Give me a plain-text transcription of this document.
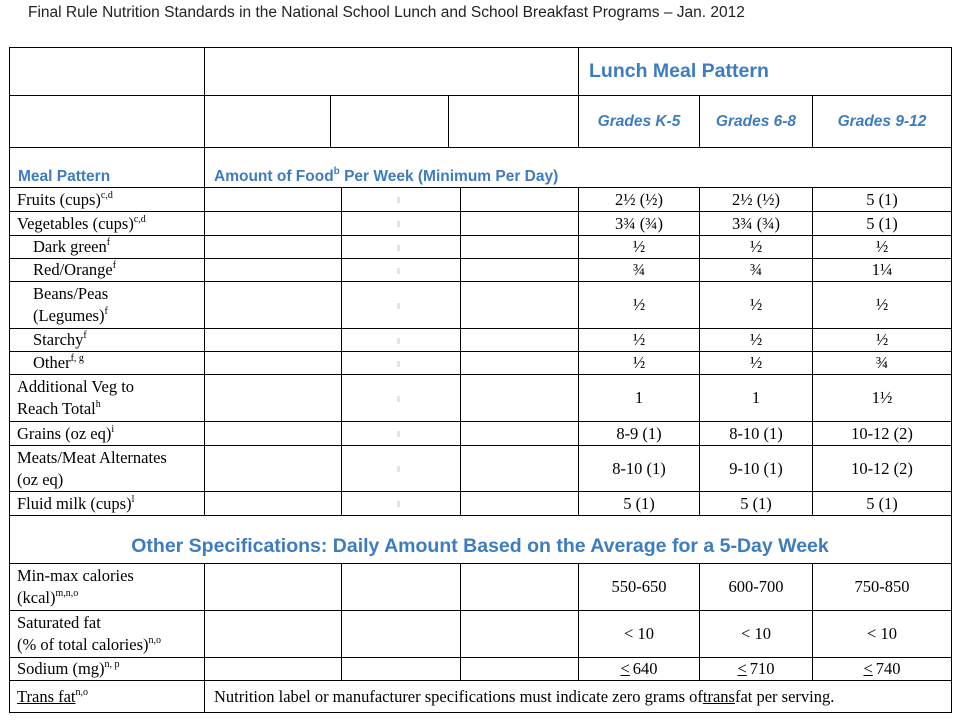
Final Rule Nutrition Standards in the National School Lunch and School Breakfast Programs – Jan. 2012
Lunch Meal Pattern
Grades K-5	Grades 6-8	Grades 9-12
Meal Pattern	Amount of Food$^b$ Per Week (Minimum Per Day)
Fruits (cups)$^{c,d}$	2½ (½)	2½ (½)	5 (1)
Vegetables (cups)$^{c,d}$	3¾ (¾)	3¾ (¾)	5 (1)
Dark green$^f$	½	½	½
Red/Orange$^f$	¾	¾	1¼
Beans/Peas
(Legumes)$^f$	½	½	½
Starchy$^f$	½	½	½
Other$^{f, g}$	½	½	¾
Additional Veg to
Reach Total$^h$	1	1	1½
Grains (oz eq)$^i$	8-9 (1)	8-10 (1)	10-12 (2)
Meats/Meat Alternates
(oz eq)
8-10 (1)	9-10 (1)	10-12 (2)
Fluid milk (cups)$^l$	5 (1)	5 (1)	5 (1)
Other Specifications: Daily Amount Based on the Average for a 5-Day Week
Min-max calories
(kcal)$^{m,n,o}$	550-650	600-700	750-850
Saturated fat
(% of total calories)$^{n,o}$	< 10	< 10	< 10
Sodium (mg)$^{n, p}$	≤ 640	≤ 710	≤ 740
Trans fat$^{n,o}$	Nutrition label or manufacturer specifications must indicate zero grams of trans fat per serving.
